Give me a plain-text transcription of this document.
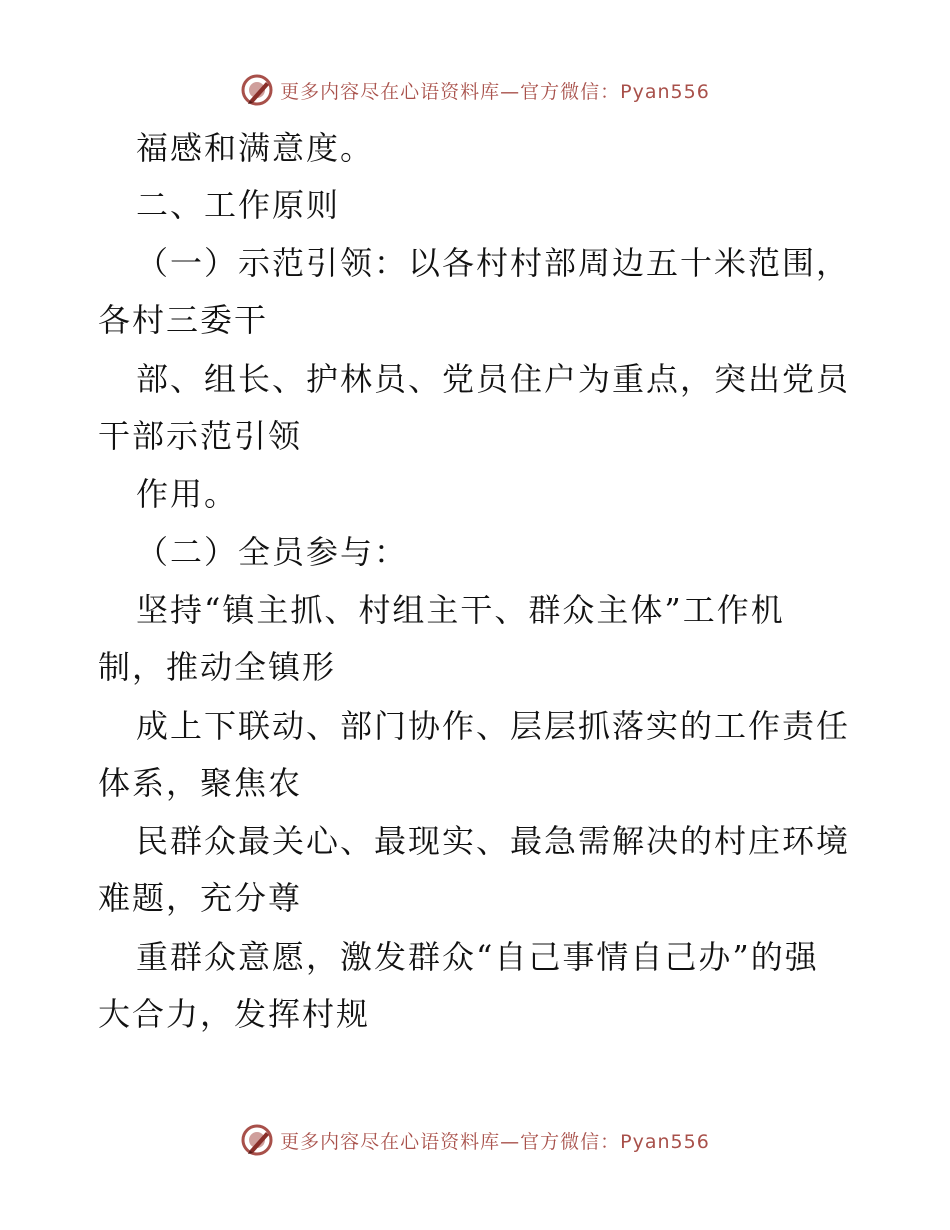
更多内容尽在心语资料库—官方微信：Pyan556
福感和满意度。
二、工作原则
（一）示范引领：以各村村部周边五十米范围，
各村三委干
部、组长、护林员、党员住户为重点，突出党员
干部示范引领
作用。
（二）全员参与：
坚持“镇主抓、村组主干、群众主体”工作机
制，推动全镇形
成上下联动、部门协作、层层抓落实的工作责任
体系，聚焦农
民群众最关心、最现实、最急需解决的村庄环境
难题，充分尊
重群众意愿，激发群众“自己事情自己办”的强
大合力，发挥村规
更多内容尽在心语资料库—官方微信：Pyan556
